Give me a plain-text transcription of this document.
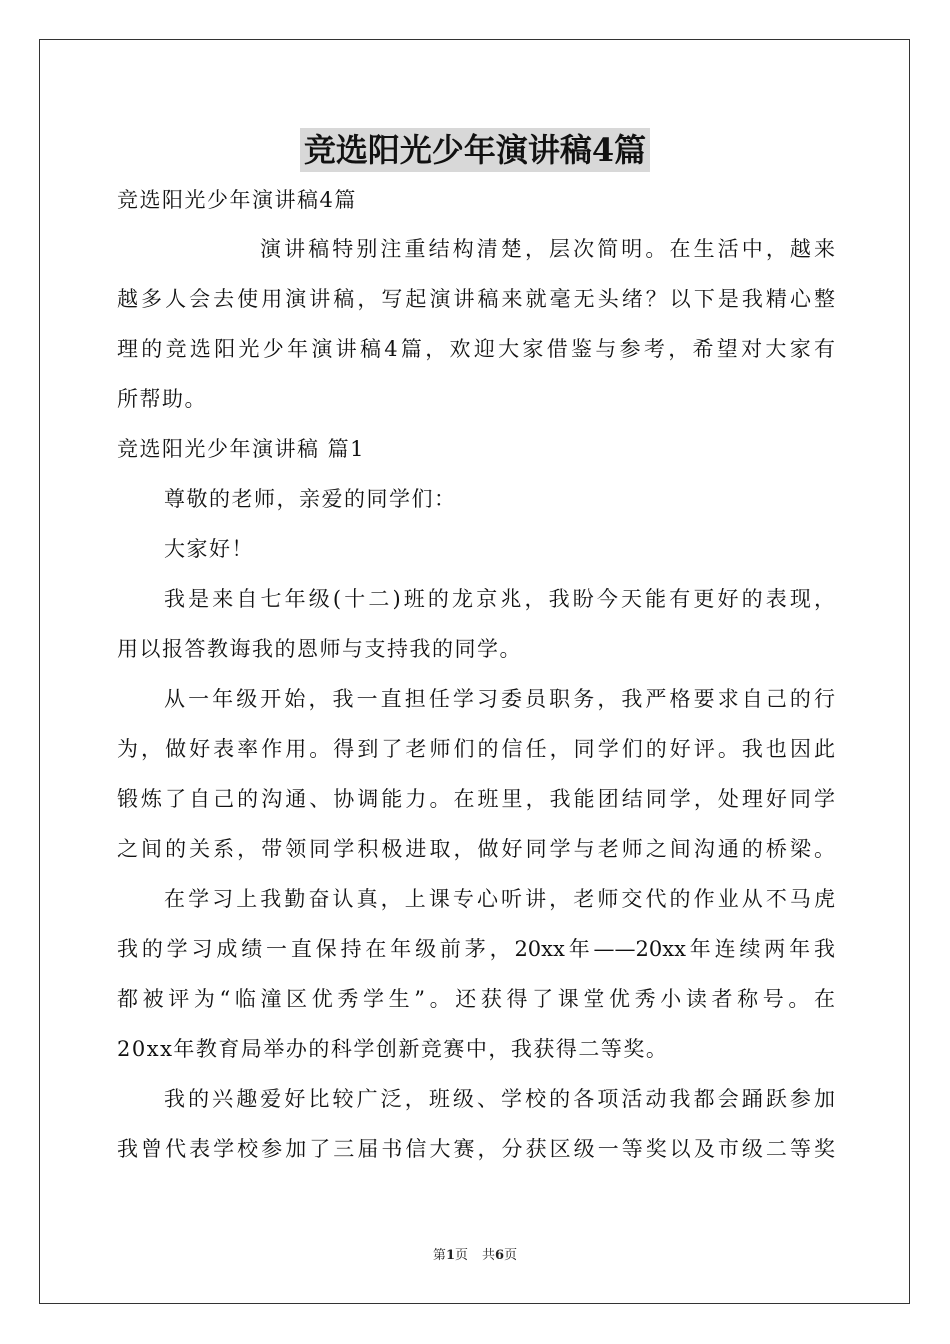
竞选阳光少年演讲稿4篇
竞选阳光少年演讲稿4篇
演讲稿特别注重结构清楚，层次简明。在生活中，越来
越多人会去使用演讲稿，写起演讲稿来就毫无头绪？以下是我精心整
理的竞选阳光少年演讲稿4篇，欢迎大家借鉴与参考，希望对大家有
所帮助。
竞选阳光少年演讲稿 篇1
尊敬的老师，亲爱的同学们：
大家好！
我是来自七年级(十二)班的龙京兆，我盼今天能有更好的表现，
用以报答教诲我的恩师与支持我的同学。
从一年级开始，我一直担任学习委员职务，我严格要求自己的行
为，做好表率作用。得到了老师们的信任，同学们的好评。我也因此
锻炼了自己的沟通、协调能力。在班里，我能团结同学，处理好同学
之间的关系，带领同学积极进取，做好同学与老师之间沟通的桥梁。
在学习上我勤奋认真，上课专心听讲，老师交代的作业从不马虎
我的学习成绩一直保持在年级前茅，20xx年——20xx年连续两年我
都被评为“临潼区优秀学生”。还获得了课堂优秀小读者称号。在
20xx年教育局举办的科学创新竞赛中，我获得二等奖。
我的兴趣爱好比较广泛，班级、学校的各项活动我都会踊跃参加
我曾代表学校参加了三届书信大赛，分获区级一等奖以及市级二等奖
第1页 共6页
